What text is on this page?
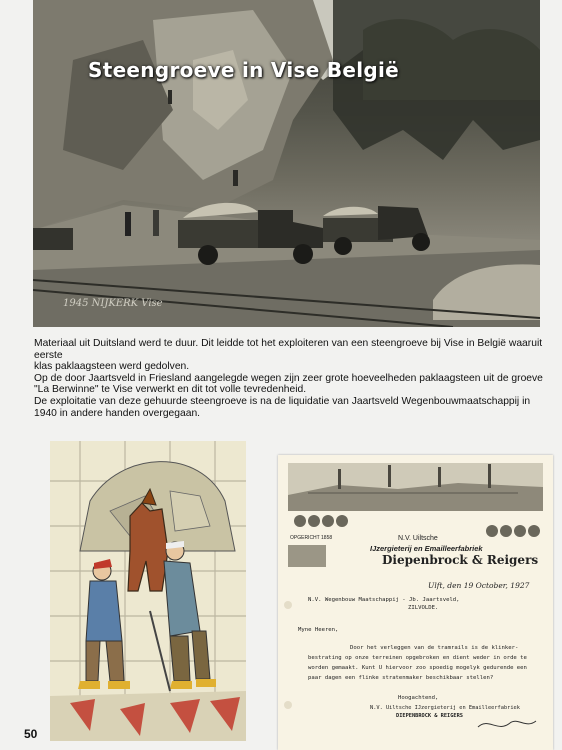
Steengroeve in Vise België
1945 NIJKERK Vise

Materiaal uit Duitsland werd te duur. Dit leidde tot het exploiteren van een steengroeve bij Vise in België waaruit eerste

klas paklaagsteen werd gedolven.

Op de door Jaartsveld in Friesland aangelegde wegen zijn zeer grote hoeveelheden paklaagsteen uit de groeve "La Berwinne" te Vise verwerkt en dit tot volle tevredenheid.

De exploitatie van deze gehuurde steengroeve is na de liquidatie van Jaartsveld Wegenbouwmaatschappij in 1940 in andere handen overgegaan.

OPGERICHT 1858	N.V. Uiltsche
IJzergieterij en Emailleerfabriek
Diepenbrock & Reigers
Ulft, den 19 October, 1927
N.V. Wegenbouw Maatschappij - Jb. Jaartsveld,
ZILVOLDE.
Myne Heeren,
Door het verleggen van de tramrails is de klinker-
bestrating op onze terreinen opgebroken en dient weder in orde te
worden gemaakt. Kunt U hiervoor zoo spoedig mogelyk gedurende een
paar dagen een flinke stratenmaker beschikbaar stellen?
Hoogachtend,
N.V. Uiltsche IJzergieterij en Emailleerfabriek
DIEPENBROCK & REIGERS
50
